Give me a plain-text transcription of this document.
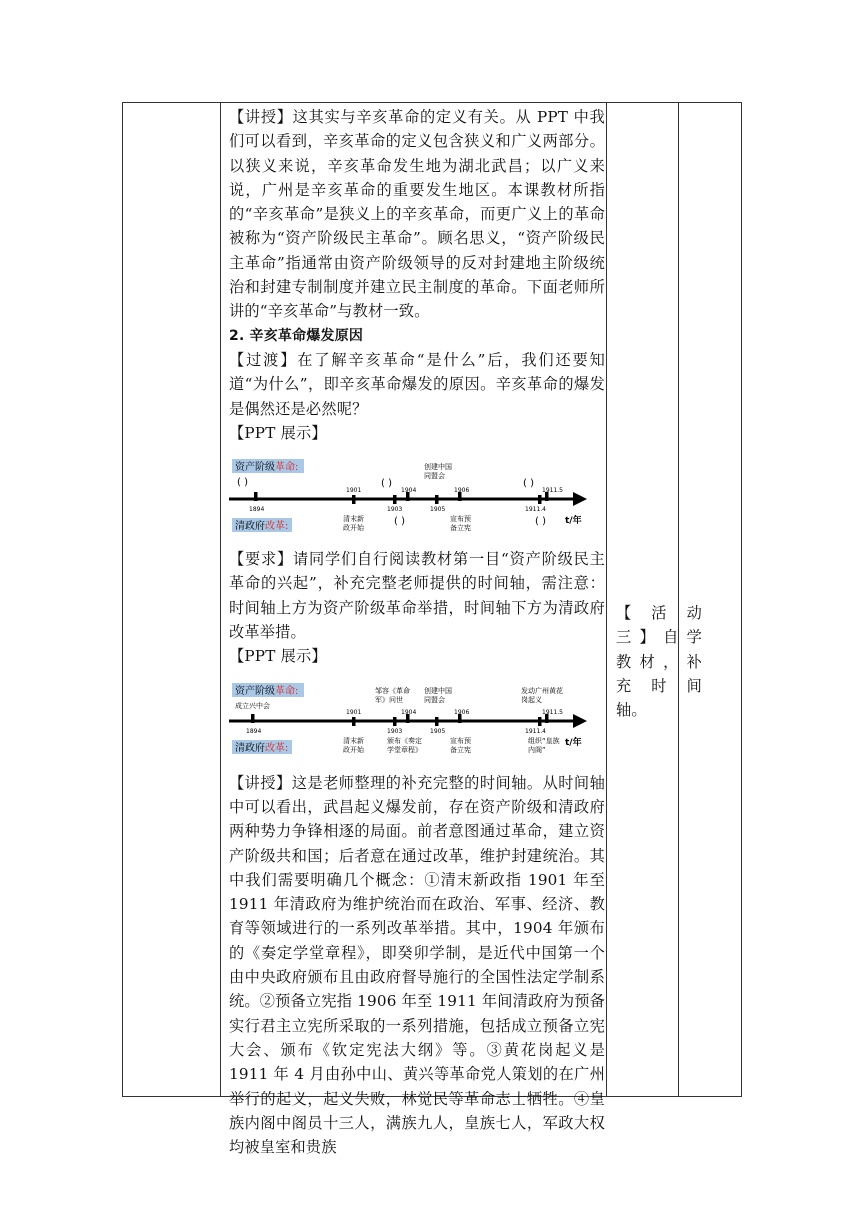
【讲授】这其实与辛亥革命的定义有关。从 PPT 中我们可以看到，辛亥革命的定义包含狭义和广义两部分。以狭义来说，辛亥革命发生地为湖北武昌；以广义来说，广州是辛亥革命的重要发生地区。本课教材所指的“辛亥革命”是狭义上的辛亥革命，而更广义上的革命被称为“资产阶级民主革命”。顾名思义，“资产阶级民主革命”指通常由资产阶级领导的反对封建地主阶级统治和封建专制制度并建立民主制度的革命。下面老师所讲的“辛亥革命”与教材一致。

2. 辛亥革命爆发原因

【过渡】在了解辛亥革命“是什么”后，我们还要知道“为什么”，即辛亥革命爆发的原因。辛亥革命的爆发是偶然还是必然呢？

【PPT 展示】

资产阶级革命:
( )
1894
1901
1903
1904
1905
1906
1911.4
1911.5
( )
创建中国
同盟会
( )
清政府改革:
清末新
政开始
( )	宣布预
备立宪
( ) t/年

【要求】请同学们自行阅读教材第一目“资产阶级民主革命的兴起”，补充完整老师提供的时间轴，需注意：时间轴上方为资产阶级革命举措，时间轴下方为清政府改革举措。

【PPT 展示】

资产阶级革命:
成立兴中会
1894
1901
1903
1904
1905
1906
1911.4
1911.5
邹容《革命
军》问世
创建中国
同盟会
发动广州黄花
岗起义
清政府改革:
清末新
政开始
颁布《奏定
学堂章程》
宣布预
备立宪
组织“皇族
内阁”
t/年

【讲授】这是老师整理的补充完整的时间轴。从时间轴中可以看出，武昌起义爆发前，存在资产阶级和清政府两种势力争锋相逐的局面。前者意图通过革命，建立资产阶级共和国；后者意在通过改革，维护封建统治。其中我们需要明确几个概念：①清末新政指 1901 年至 1911 年清政府为维护统治而在政治、军事、经济、教育等领域进行的一系列改革举措。其中，1904 年颁布的《奏定学堂章程》，即癸卯学制，是近代中国第一个由中央政府颁布且由政府督导施行的全国性法定学制系统。②预备立宪指 1906 年至 1911 年间清政府为预备实行君主立宪所采取的一系列措施，包括成立预备立宪大会、颁布《钦定宪法大纲》等。③黄花岗起义是 1911 年 4 月由孙中山、黄兴等革命党人策划的在广州举行的起义，起义失败，林觉民等革命志士牺牲。④皇族内阁中阁员十三人，满族九人，皇族七人，军政大权均被皇室和贵族

【 活 动

三】自学

教材，补

充 时 间

轴。
